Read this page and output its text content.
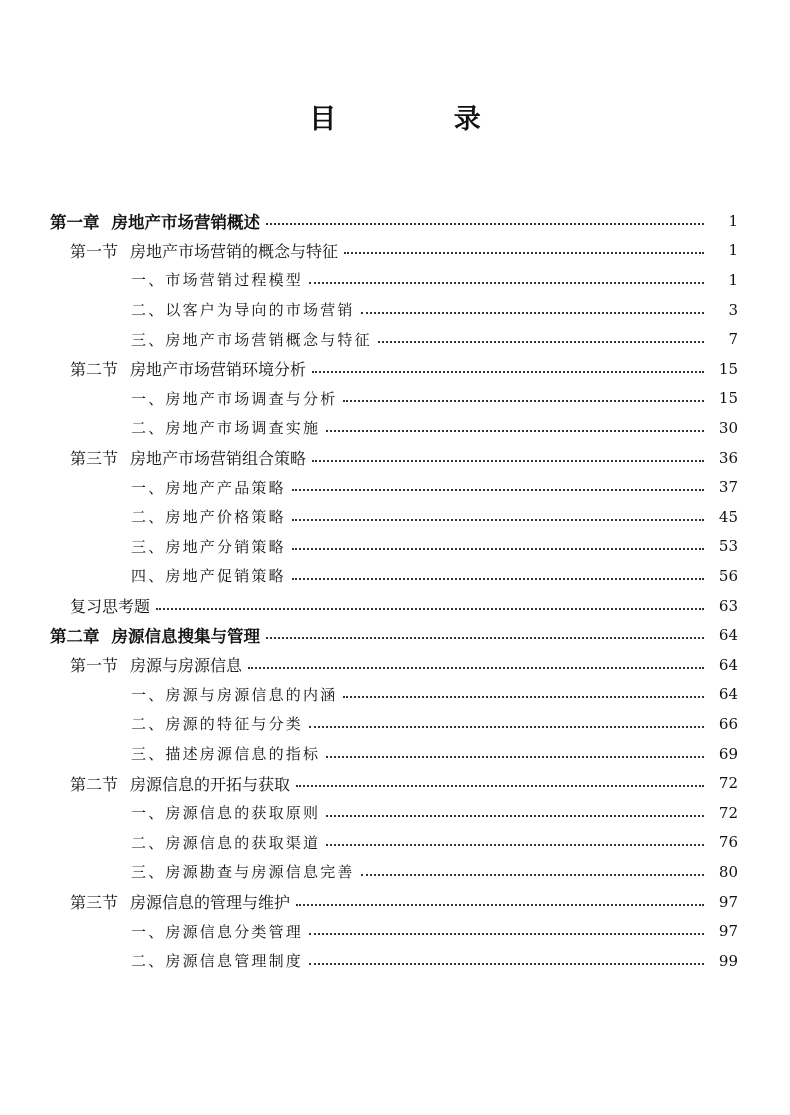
目 录
第一章 房地产市场营销概述	1
第一节 房地产市场营销的概念与特征	1
一、市场营销过程模型	1
二、以客户为导向的市场营销	3
三、房地产市场营销概念与特征	7
第二节 房地产市场营销环境分析	15
一、房地产市场调查与分析	15
二、房地产市场调查实施	30
第三节 房地产市场营销组合策略	36
一、房地产产品策略	37
二、房地产价格策略	45
三、房地产分销策略	53
四、房地产促销策略	56
复习思考题	63
第二章 房源信息搜集与管理	64
第一节 房源与房源信息	64
一、房源与房源信息的内涵	64
二、房源的特征与分类	66
三、描述房源信息的指标	69
第二节 房源信息的开拓与获取	72
一、房源信息的获取原则	72
二、房源信息的获取渠道	76
三、房源勘查与房源信息完善	80
第三节 房源信息的管理与维护	97
一、房源信息分类管理	97
二、房源信息管理制度	99
